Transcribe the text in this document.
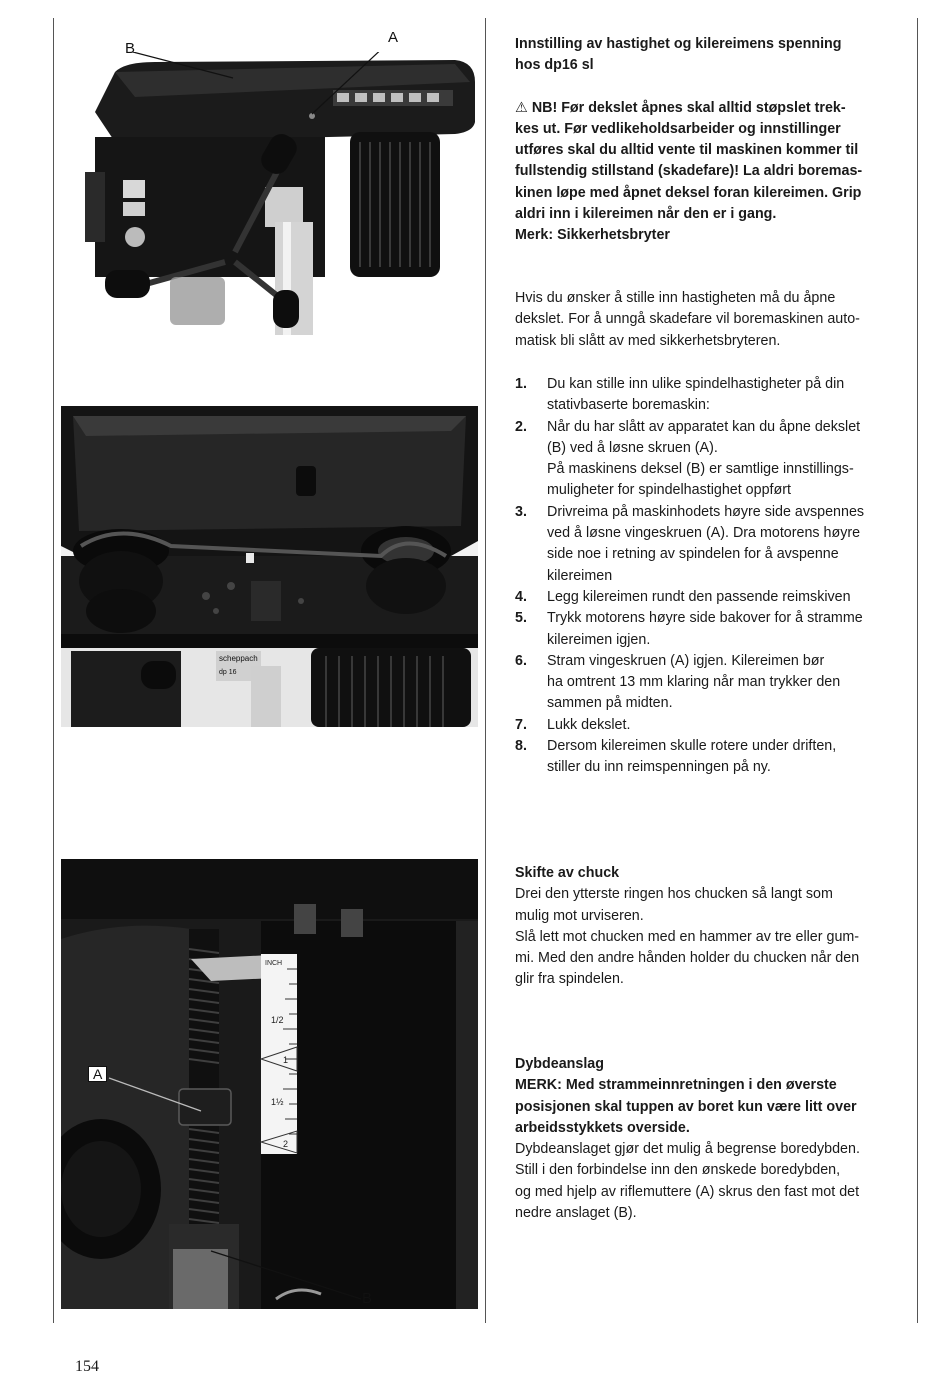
B
A
scheppach
dp 16
INCH
1/2
1
1½
2
A
B

Innstilling av hastighet og kilereimens spenning

hos dp16 sl

⚠ NB! Før dekslet åpnes skal alltid støpslet trek-

kes ut. Før vedlikeholdsarbeider og innstillinger

utføres skal du alltid vente til maskinen kommer til

fullstendig stillstand (skadefare)! La aldri boremas-

kinen løpe med åpnet deksel foran kilereimen. Grip

aldri inn i kilereimen når den er i gang.

Merk: Sikkerhetsbryter

Hvis du ønsker å stille inn hastigheten må du åpne

dekslet. For å unngå skadefare vil boremaskinen auto-

matisk bli slått av med sikkerhetsbryteren.

1.	Du kan stille inn ulike spindelhastigheter på din
stativbaserte boremaskin:
2.	Når du har slått av apparatet kan du åpne dekslet
(B) ved å løsne skruen (A).
På maskinens deksel (B) er samtlige innstillings-
muligheter for spindelhastighet oppført
3.	Drivreima på maskinhodets høyre side avspennes
ved å løsne vingeskruen (A). Dra motorens høyre
side noe i retning av spindelen for å avspenne
kilereimen
4.	Legg kilereimen rundt den passende reimskiven
5.	Trykk motorens høyre side bakover for å stramme
kilereimen igjen.
6.	Stram vingeskruen (A) igjen. Kilereimen bør
ha omtrent 13 mm klaring når man trykker den
sammen på midten.
7.	Lukk dekslet.
8.	Dersom kilereimen skulle rotere under driften,
stiller du inn reimspenningen på ny.

Skifte av chuck

Drei den ytterste ringen hos chucken så langt som

mulig mot urviseren.

Slå lett mot chucken med en hammer av tre eller gum-

mi. Med den andre hånden holder du chucken når den

glir fra spindelen.

Dybdeanslag

MERK: Med strammeinnretningen i den øverste

posisjonen skal tuppen av boret kun være litt over

arbeidsstykkets overside.

Dybdeanslaget gjør det mulig å begrense boredybden.

Still i den forbindelse inn den ønskede boredybden,

og med hjelp av riflemuttere (A) skrus den fast mot det

nedre anslaget (B).

154
